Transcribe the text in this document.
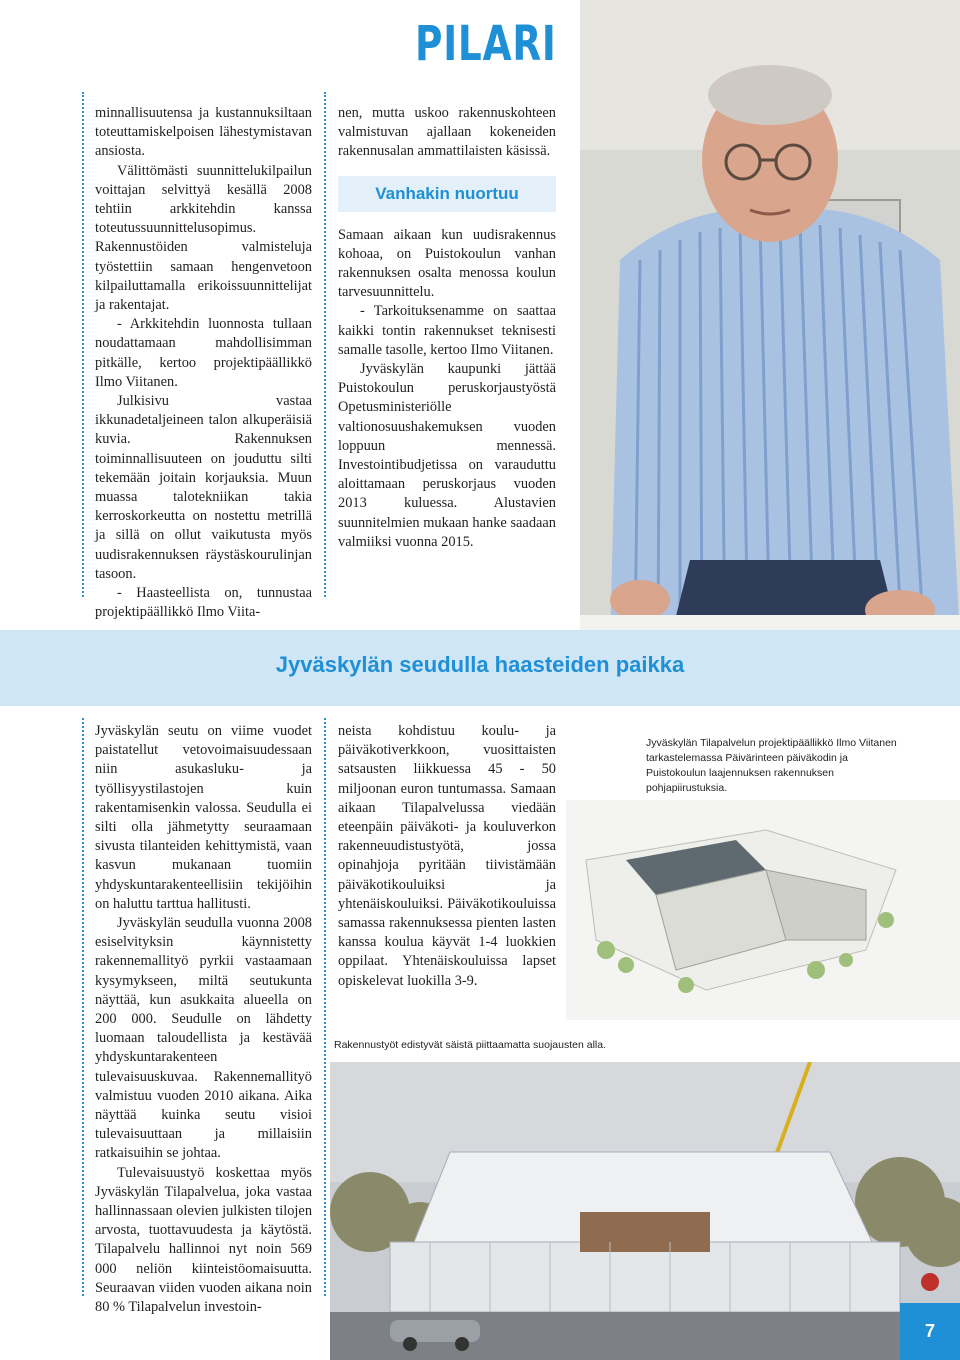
PILARI

minnallisuutensa ja kustannuksiltaan toteuttamiskelpoisen lähestymistavan ansiosta.

Välittömästi suunnittelukilpailun voittajan selvittyä kesällä 2008 tehtiin arkkitehdin kanssa toteutussuunnittelusopimus. Rakennustöiden valmisteluja työstettiin samaan hengenvetoon kilpailuttamalla erikoissuunnittelijat ja rakentajat.

- Arkkitehdin luonnosta tullaan noudattamaan mahdollisimman pitkälle, kertoo projektipäällikkö Ilmo Viitanen.

Julkisivu vastaa ikkunadetaljeineen talon alkuperäisiä kuvia. Rakennuksen toiminnallisuuteen on jouduttu silti tekemään joitain korjauksia. Muun muassa talotekniikan takia kerroskorkeutta on nostettu metrillä ja sillä on ollut vaikutusta myös uudisrakennuksen räystäskourulinjan tasoon.

- Haasteellista on, tunnustaa projektipäällikkö Ilmo Viita-

nen, mutta uskoo rakennuskohteen valmistuvan ajallaan kokeneiden rakennusalan ammattilaisten käsissä.

Vanhakin nuortuu

Samaan aikaan kun uudisrakennus kohoaa, on Puistokoulun vanhan rakennuksen osalta menossa koulun tarvesuunnittelu.

- Tarkoituksenamme on saattaa kaikki tontin rakennukset teknisesti samalle tasolle, kertoo Ilmo Viitanen.

Jyväskylän kaupunki jättää Puistokoulun peruskorjaustyöstä Opetusministeriölle valtionosuushakemuksen vuoden loppuun mennessä. Investointibudjetissa on varauduttu aloittamaan peruskorjaus vuoden 2013 kuluessa. Alustavien suunnitelmien mukaan hanke saadaan valmiiksi vuonna 2015.

Jyväskylän seudulla haasteiden paikka

Jyväskylän seutu on viime vuodet paistatellut vetovoimaisuudessaan niin asukasluku- ja työllisyystilastojen kuin rakentamisenkin valossa. Seudulla ei silti olla jähmetytty seuraamaan sivusta tilanteiden kehittymistä, vaan kasvun mukanaan tuomiin yhdyskuntarakenteellisiin tekijöihin on haluttu tarttua hallitusti.

Jyväskylän seudulla vuonna 2008 esiselvityksin käynnistetty rakennemallityö pyrkii vastaamaan kysymykseen, miltä seutukunta näyttää, kun asukkaita alueella on 200 000. Seudulle on lähdetty luomaan taloudellista ja kestävää yhdyskuntarakenteen tulevaisuuskuvaa. Rakennemallityö valmistuu vuoden 2010 aikana. Aika näyttää kuinka seutu visioi tulevaisuuttaan ja millaisiin ratkaisuihin se johtaa.

Tulevaisuustyö koskettaa myös Jyväskylän Tilapalvelua, joka vastaa hallinnassaan olevien julkisten tilojen arvosta, tuottavuudesta ja käytöstä. Tilapalvelu hallinnoi nyt noin 569 000 neliön kiinteistöomaisuutta. Seuraavan viiden vuoden aikana noin 80 % Tilapalvelun investoin-

neista kohdistuu koulu- ja päiväkotiverkkoon, vuosittaisten satsausten liikkuessa 45 - 50 miljoonan euron tuntumassa. Samaan aikaan Tilapalvelussa viedään eteenpäin päiväkoti- ja kouluverkon rakenneuudistustyötä, jossa opinahjoja pyritään tiivistämään päiväkotikouluiksi ja yhtenäiskouluiksi. Päiväkotikouluissa samassa rakennuksessa pienten lasten kanssa koulua käyvät 1-4 luokkien oppilaat. Yhtenäiskouluissa lapset opiskelevat luokilla 3-9.

Jyväskylän Tilapalvelun projektipäällikkö Ilmo Viitanen tarkastelemassa Päivärinteen päiväkodin ja Puistokoulun laajennuksen rakennuksen pohjapiirustuksia.
Rakennustyöt edistyvät säistä piittaamatta suojausten alla.
7
